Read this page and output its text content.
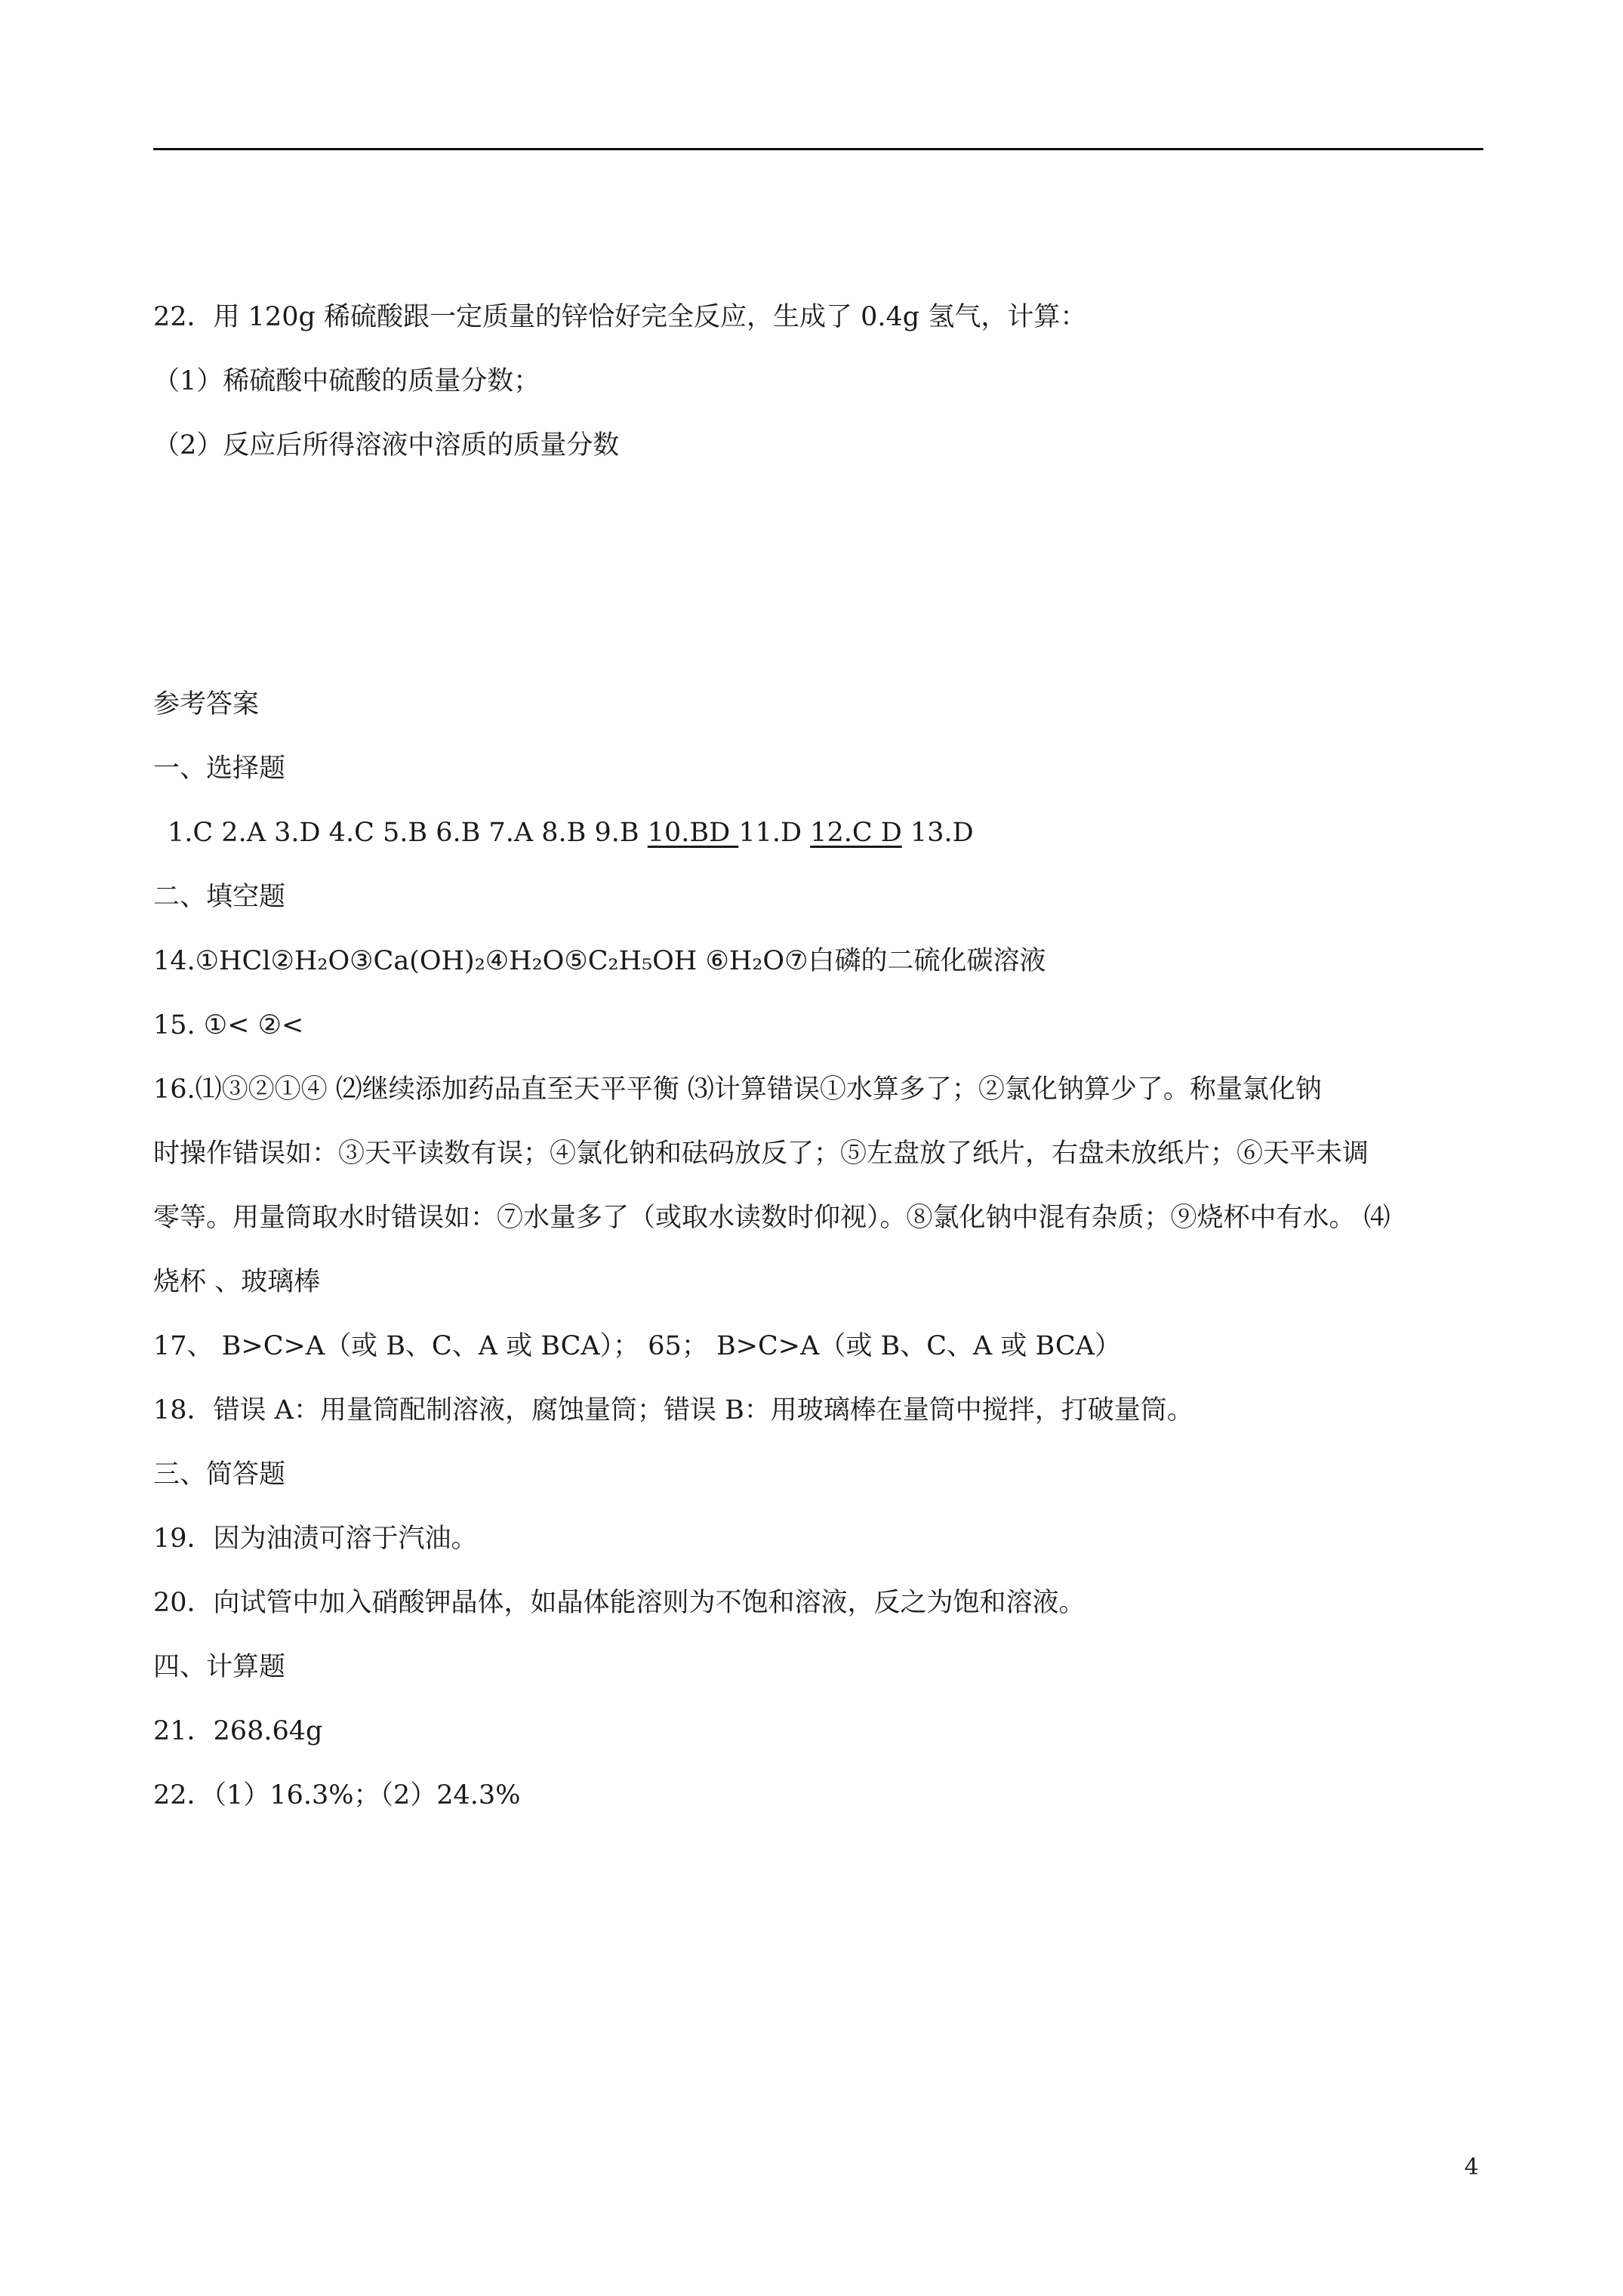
22．用 120g 稀硫酸跟一定质量的锌恰好完全反应，生成了 0.4g 氢气，计算：
（1）稀硫酸中硫酸的质量分数；
（2）反应后所得溶液中溶质的质量分数
参考答案
一、选择题
1.C 2.A 3.D 4.C 5.B 6.B 7.A 8.B 9.B 10.BD 11.D 12.C D 13.D
二、填空题
14.①HCl②H₂O③Ca(OH)₂④H₂O⑤C₂H₅OH ⑥H₂O⑦白磷的二硫化碳溶液
15. ①< ②<
16.⑴③②①④ ⑵继续添加药品直至天平平衡 ⑶计算错误①水算多了；②氯化钠算少了。称量氯化钠
时操作错误如：③天平读数有误；④氯化钠和砝码放反了；⑤左盘放了纸片，右盘未放纸片；⑥天平未调
零等。用量筒取水时错误如：⑦水量多了（或取水读数时仰视）。⑧氯化钠中混有杂质；⑨烧杯中有水。 ⑷
烧杯 、玻璃棒
17、 B>C>A（或 B、C、A 或 BCA）； 65； B>C>A（或 B、C、A 或 BCA）
18．错误 A：用量筒配制溶液，腐蚀量筒；错误 B：用玻璃棒在量筒中搅拌，打破量筒。
三、简答题
19．因为油渍可溶于汽油。
20．向试管中加入硝酸钾晶体，如晶体能溶则为不饱和溶液，反之为饱和溶液。
四、计算题
21．268.64g
22．（1）16.3%；（2）24.3%
4
